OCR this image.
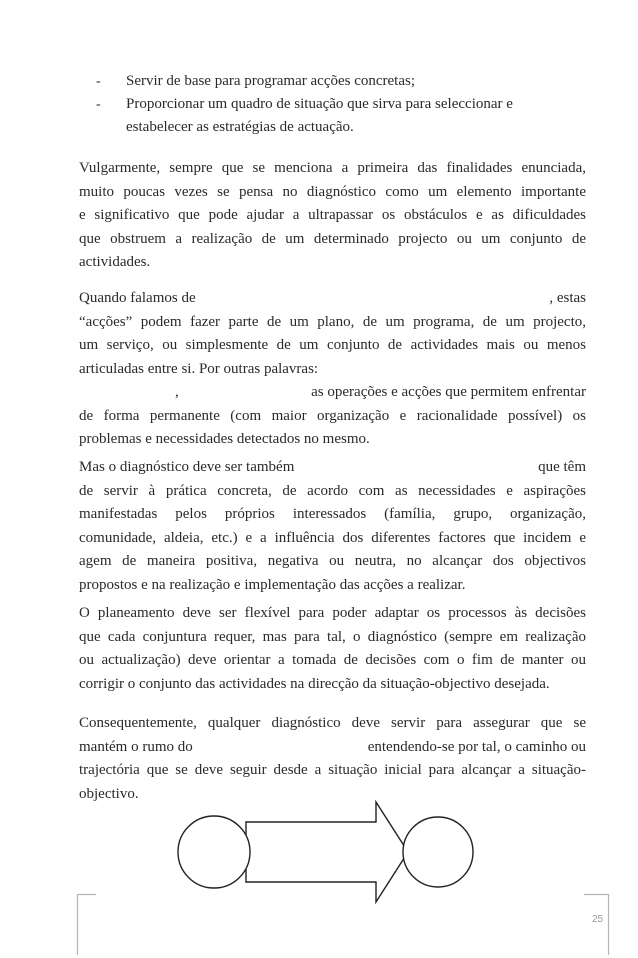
‐ Servir de base para programar acções concretas;
‐ Proporcionar um quadro de situação que sirva para seleccionar e
estabelecer as estratégias de actuação.
Vulgarmente, sempre que se menciona a primeira das finalidades enunciada,
muito poucas vezes se pensa no diagnóstico como um elemento importante
e significativo que pode ajudar a ultrapassar os obstáculos e as dificuldades
que obstruem a realização de um determinado projecto ou um conjunto de
actividades.
Quando falamos de	, estas
“acções” podem fazer parte de um plano, de um programa, de um projecto,
um serviço, ou simplesmente de um conjunto de actividades mais ou menos
articuladas entre si. Por outras palavras:
,	as operações e acções que permitem enfrentar
de forma permanente (com maior organização e racionalidade possível) os
problemas e necessidades detectados no mesmo.
Mas o diagnóstico deve ser também	que têm
de servir à prática concreta, de acordo com as necessidades e aspirações
manifestadas pelos próprios interessados (família, grupo, organização,
comunidade, aldeia, etc.) e a influência dos diferentes factores que incidem e
agem de maneira positiva, negativa ou neutra, no alcançar dos objectivos
propostos e na realização e implementação das acções a realizar.
O planeamento deve ser flexível para poder adaptar os processos às decisões
que cada conjuntura requer, mas para tal, o diagnóstico (sempre em realização
ou actualização) deve orientar a tomada de decisões com o fim de manter ou
corrigir o conjunto das actividades na direcção da situação-objectivo desejada.
Consequentemente, qualquer diagnóstico deve servir para assegurar que se
mantém o rumo do	entendendo-se por tal, o caminho ou
trajectória que se deve seguir desde a situação inicial para alcançar a situação-
objectivo.
25
